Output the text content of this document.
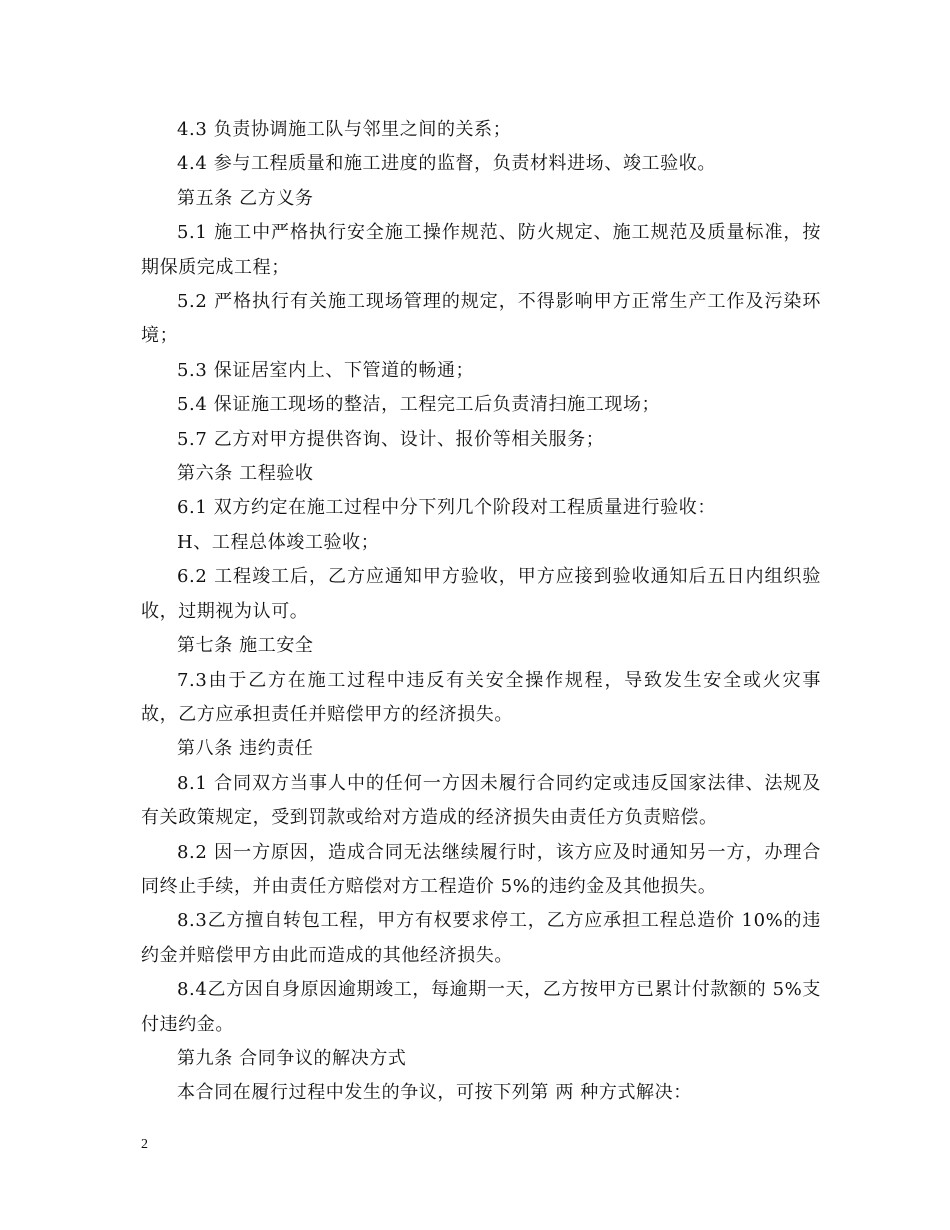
4.3 负责协调施工队与邻里之间的关系；

4.4 参与工程质量和施工进度的监督，负责材料进场、竣工验收。

第五条 乙方义务

5.1 施工中严格执行安全施工操作规范、防火规定、施工规范及质量标准，按期保质完成工程；

5.2 严格执行有关施工现场管理的规定，不得影响甲方正常生产工作及污染环境；

5.3 保证居室内上、下管道的畅通；

5.4 保证施工现场的整洁，工程完工后负责清扫施工现场；

5.7 乙方对甲方提供咨询、设计、报价等相关服务；

第六条 工程验收

6.1 双方约定在施工过程中分下列几个阶段对工程质量进行验收：

H、工程总体竣工验收；

6.2 工程竣工后，乙方应通知甲方验收，甲方应接到验收通知后五日内组织验收，过期视为认可。

第七条 施工安全

7.3由于乙方在施工过程中违反有关安全操作规程，导致发生安全或火灾事故，乙方应承担责任并赔偿甲方的经济损失。

第八条 违约责任

8.1 合同双方当事人中的任何一方因未履行合同约定或违反国家法律、法规及有关政策规定，受到罚款或给对方造成的经济损失由责任方负责赔偿。

8.2 因一方原因，造成合同无法继续履行时，该方应及时通知另一方，办理合同终止手续，并由责任方赔偿对方工程造价 5%的违约金及其他损失。

8.3乙方擅自转包工程，甲方有权要求停工，乙方应承担工程总造价 10%的违约金并赔偿甲方由此而造成的其他经济损失。

8.4乙方因自身原因逾期竣工，每逾期一天，乙方按甲方已累计付款额的 5%支付违约金。

第九条 合同争议的解决方式

本合同在履行过程中发生的争议，可按下列第 两 种方式解决：

2
